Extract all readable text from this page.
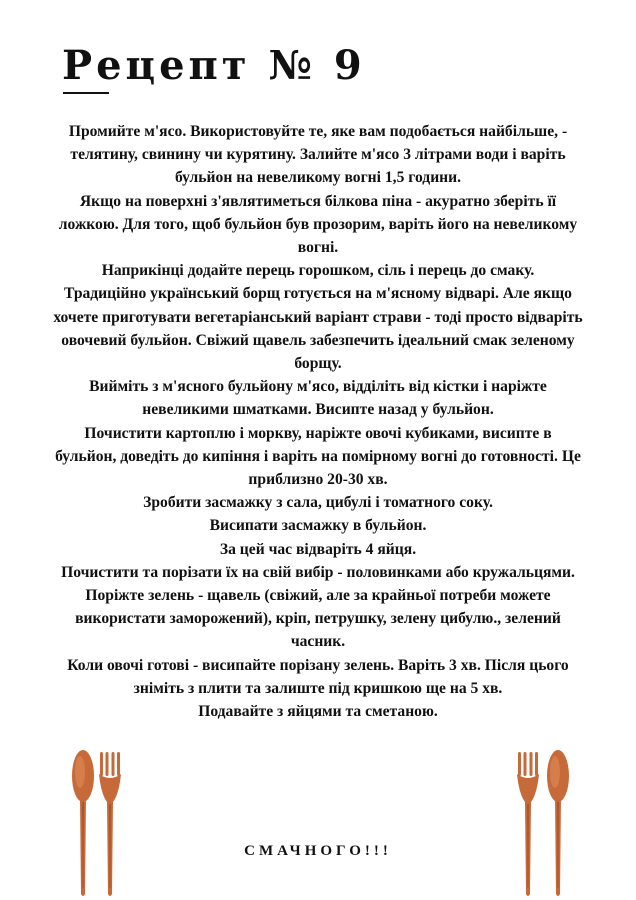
Рецепт № 9

Промийте м'ясо. Використовуйте те, яке вам подобається найбільше, - телятину, свинину чи курятину. Залийте м'ясо 3 літрами води і варіть бульйон на невеликому вогні 1,5 години.

Якщо на поверхні з'являтиметься білкова піна - акуратно зберіть її ложкою. Для того, щоб бульйон був прозорим, варіть його на невеликому вогні.

Наприкінці додайте перець горошком, сіль і перець до смаку.

Традиційно український борщ готується на м'ясному відварі. Але якщо хочете приготувати вегетаріанський варіант страви - тоді просто відваріть овочевий бульйон. Свіжий щавель забезпечить ідеальний смак зеленому борщу.

Вийміть з м'ясного бульйону м'ясо, відділіть від кістки і наріжте невеликими шматками. Висипте назад у бульйон.

Почистити картоплю і моркву, наріжте овочі кубиками, висипте в бульйон, доведіть до кипіння і варіть на помірному вогні до готовності. Це приблизно 20-30 хв.

Зробити засмажку з сала, цибулі і томатного соку.

Висипати засмажку в бульйон.

За цей час відваріть 4 яйця.

Почистити та порізати їх на свій вибір - половинками або кружальцями. Поріжте зелень - щавель (свіжий, але за крайньої потреби можете використати заморожений), кріп, петрушку, зелену цибулю., зелений часник.

Коли овочі готові - висипайте порізану зелень. Варіть 3 хв. Після цього зніміть з плити та залиште під кришкою ще на 5 хв.

Подавайте з яйцями та сметаною.

СМАЧНОГО!!!
